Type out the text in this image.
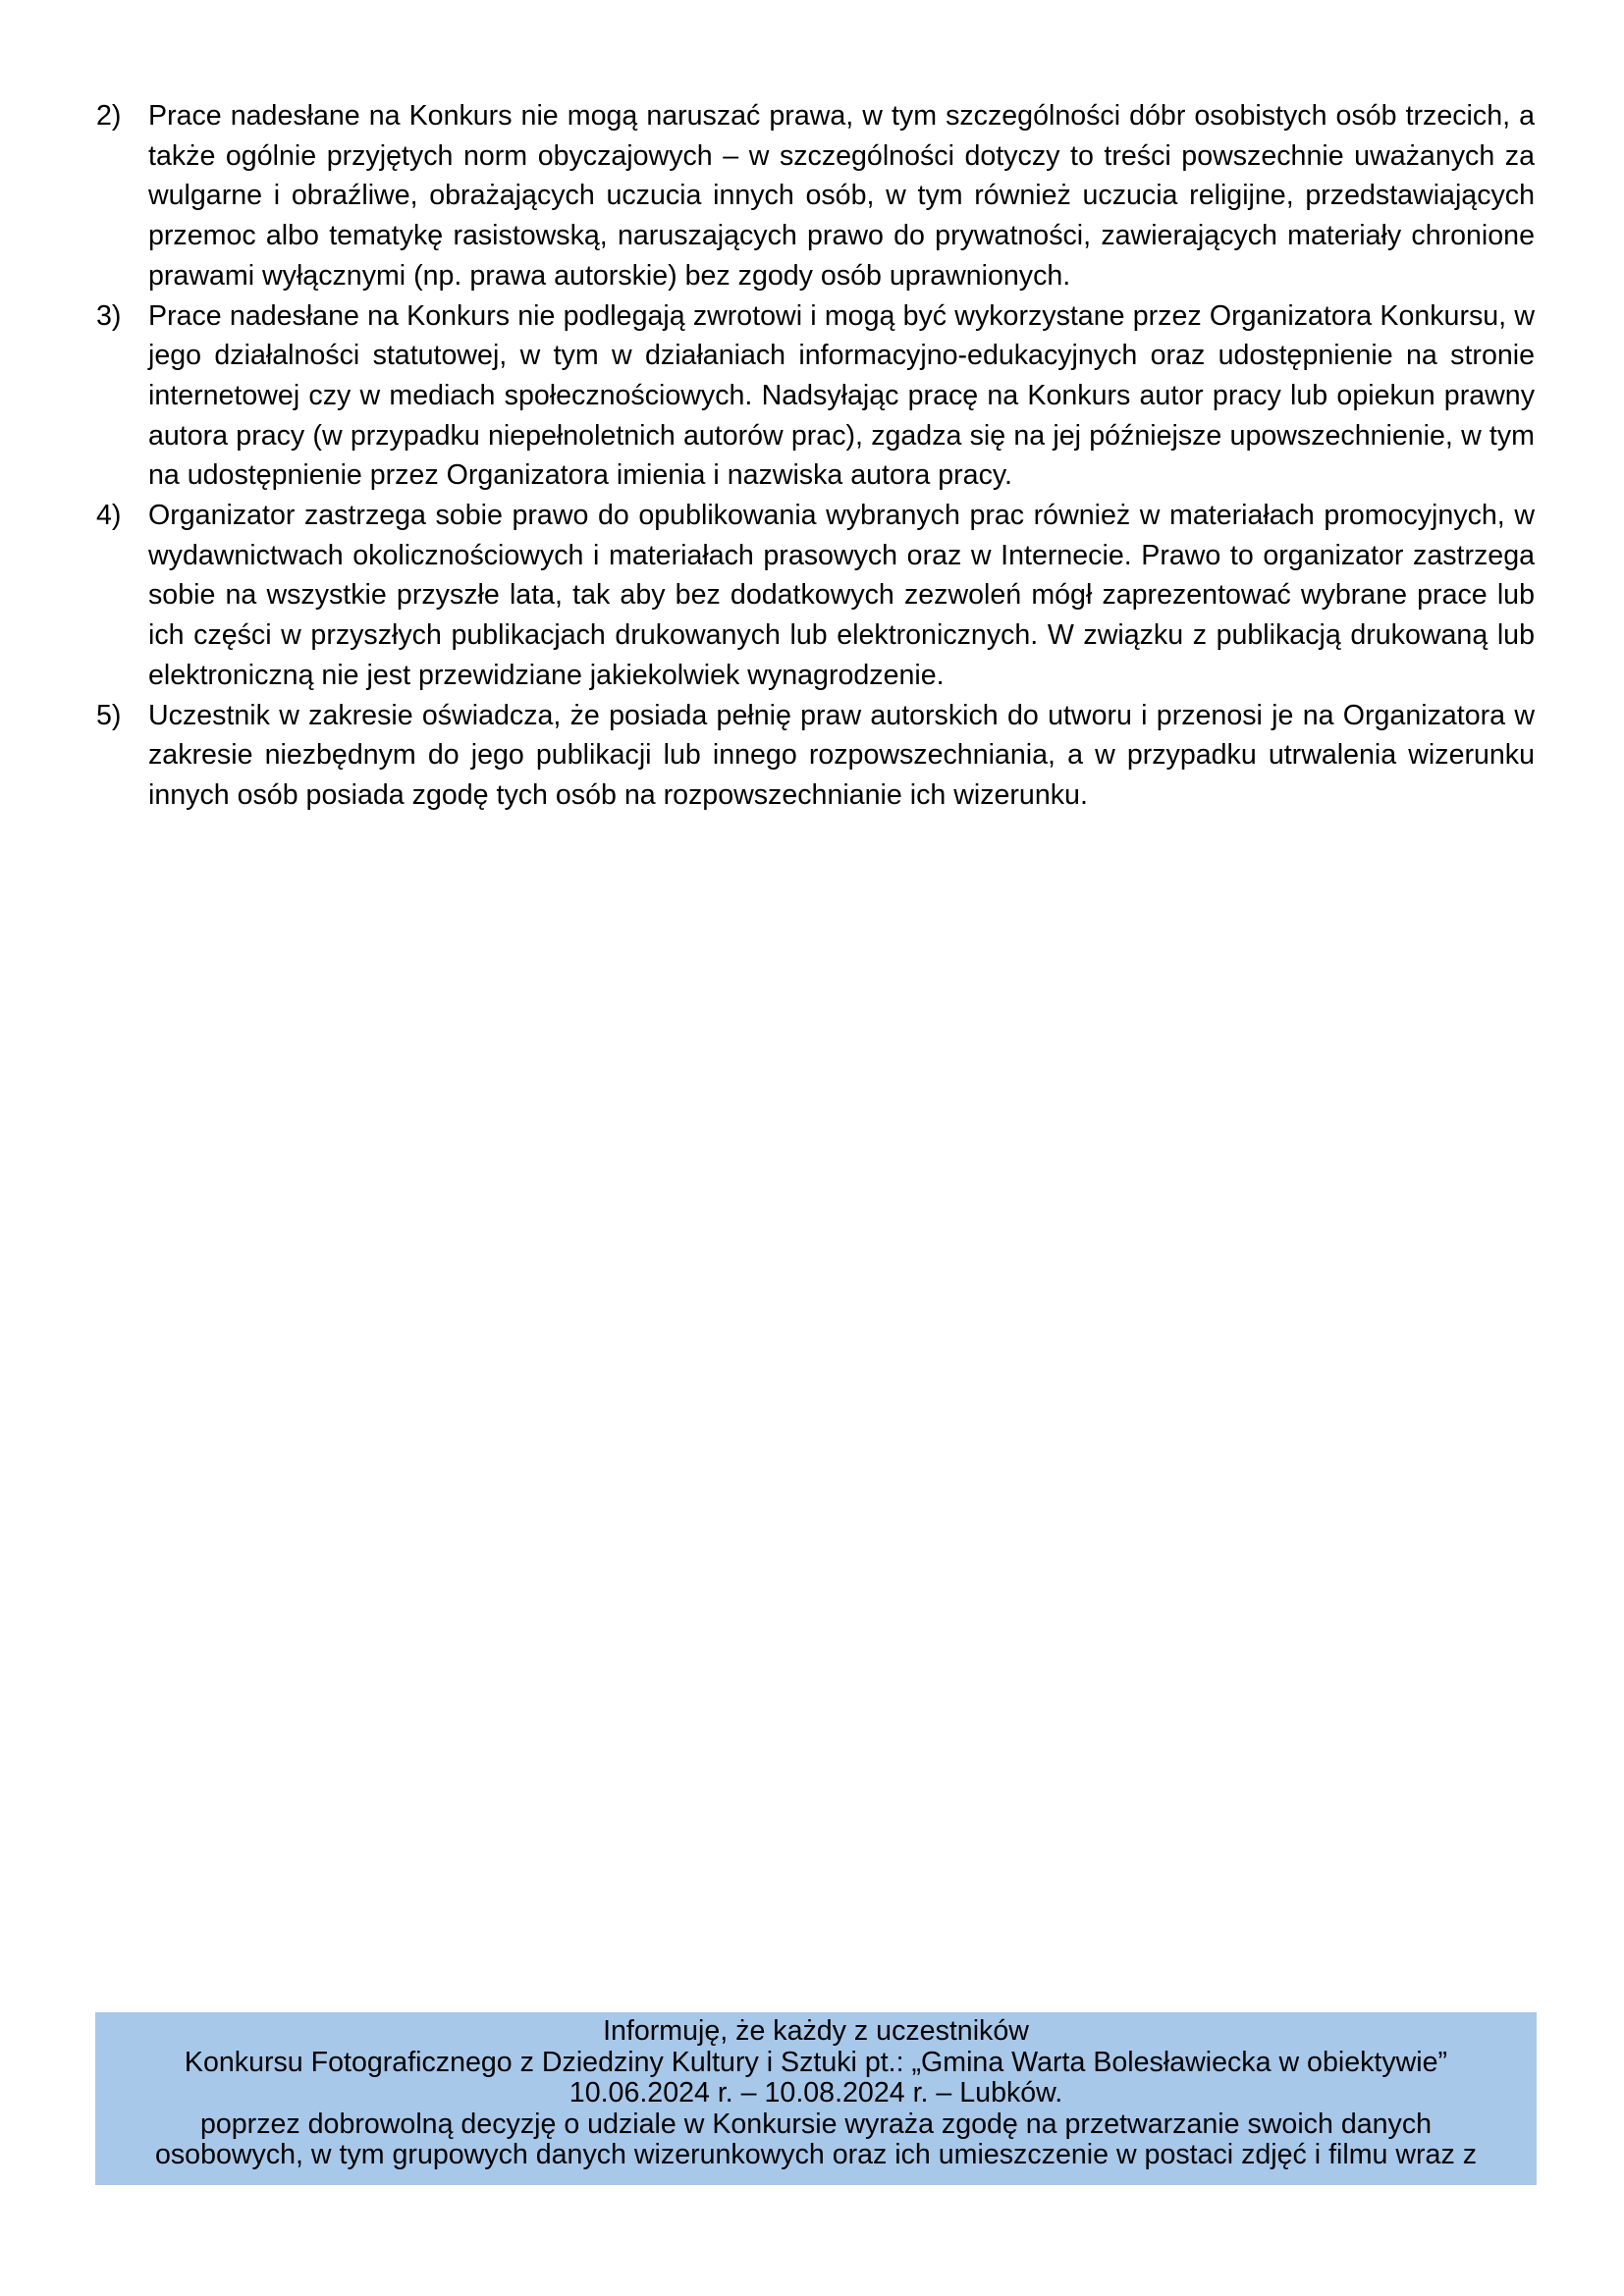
2) Prace nadesłane na Konkurs nie mogą naruszać prawa, w tym szczególności dóbr osobistych osób trzecich, a także ogólnie przyjętych norm obyczajowych – w szczególności dotyczy to treści powszechnie uważanych za wulgarne i obraźliwe, obrażających uczucia innych osób, w tym również uczucia religijne, przedstawiających przemoc albo tematykę rasistowską, naruszających prawo do prywatności, zawierających materiały chronione prawami wyłącznymi (np. prawa autorskie) bez zgody osób uprawnionych.
3) Prace nadesłane na Konkurs nie podlegają zwrotowi i mogą być wykorzystane przez Organizatora Konkursu, w jego działalności statutowej, w tym w działaniach informacyjno-edukacyjnych oraz udostępnienie na stronie internetowej czy w mediach społecznościowych. Nadsyłając pracę na Konkurs autor pracy lub opiekun prawny autora pracy (w przypadku niepełnoletnich autorów prac), zgadza się na jej późniejsze upowszechnienie, w tym na udostępnienie przez Organizatora imienia i nazwiska autora pracy.
4) Organizator zastrzega sobie prawo do opublikowania wybranych prac również w materiałach promocyjnych, w wydawnictwach okolicznościowych i materiałach prasowych oraz w Internecie. Prawo to organizator zastrzega sobie na wszystkie przyszłe lata, tak aby bez dodatkowych zezwoleń mógł zaprezentować wybrane prace lub ich części w przyszłych publikacjach drukowanych lub elektronicznych. W związku z publikacją drukowaną lub elektroniczną nie jest przewidziane jakiekolwiek wynagrodzenie.
5) Uczestnik w zakresie oświadcza, że posiada pełnię praw autorskich do utworu i przenosi je na Organizatora w zakresie niezbędnym do jego publikacji lub innego rozpowszechniania, a w przypadku utrwalenia wizerunku innych osób posiada zgodę tych osób na rozpowszechnianie ich wizerunku.
Informuję, że każdy z uczestników
Konkursu Fotograficznego z Dziedziny Kultury i Sztuki pt.: „Gmina Warta Bolesławiecka w obiektywie”
10.06.2024 r. – 10.08.2024 r. – Lubków.
poprzez dobrowolną decyzję o udziale w Konkursie wyraża zgodę na przetwarzanie swoich danych
osobowych, w tym grupowych danych wizerunkowych oraz ich umieszczenie w postaci zdjęć i filmu wraz z
